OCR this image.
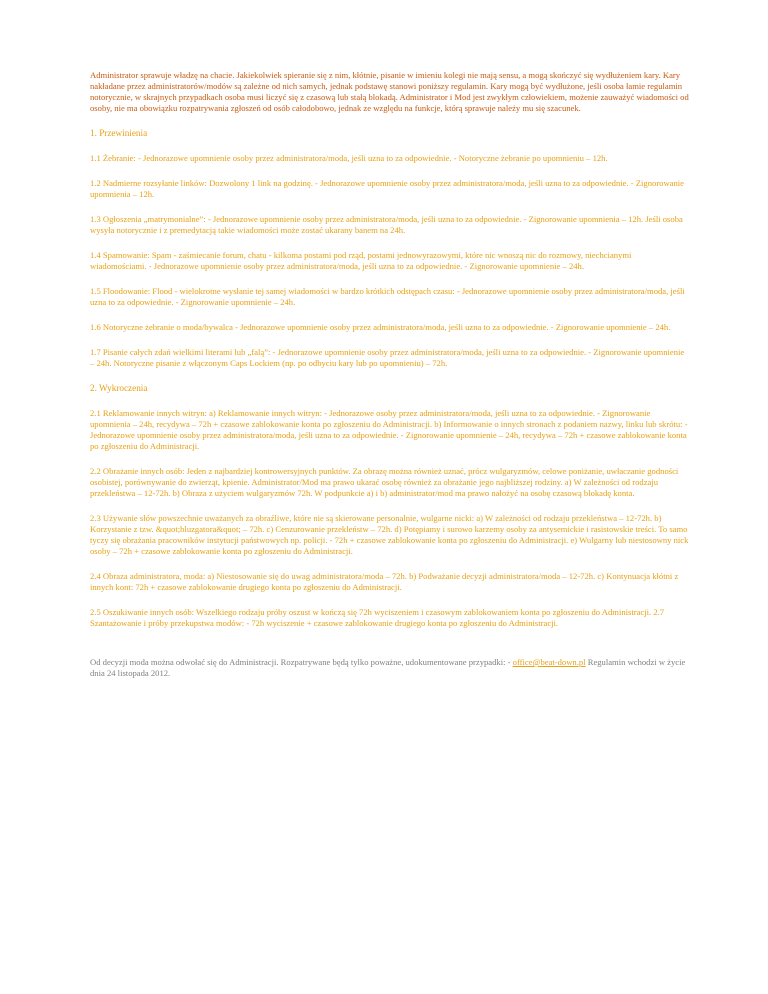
Administrator sprawuje władzę na chacie. Jakiekolwiek spieranie się z nim, kłótnie, pisanie w imieniu kolegi nie mają sensu, a mogą skończyć się wydłużeniem kary. Kary nakładane przez administratorów/modów są zależne od nich samych, jednak podstawę stanowi poniższy regulamin. Kary mogą być wydłużone, jeśli osoba łamie regulamin notorycznie, w skrajnych przypadkach osoba musi liczyć się z czasową lub stałą blokadą. Administrator i Mod jest zwykłym człowiekiem, możenie zauważyć wiadomości od osoby, nie ma obowiązku rozpatrywania zgłoszeń od osób całodobowo, jednak ze względu na funkcje, którą sprawuje należy mu się szacunek.

1. Przewinienia

1.1 Żebranie: - Jednorazowe upomnienie osoby przez administratora/moda, jeśli uzna to za odpowiednie. - Notoryczne żebranie po upomnieniu – 12h.

1.2 Nadmierne rozsyłanie linków: Dozwolony 1 link na godzinę. - Jednorazowe upomnienie osoby przez administratora/moda, jeśli uzna to za odpowiednie. - Zignorowanie upomnienia – 12h.

1.3 Ogłoszenia „matrymonialne”: - Jednorazowe upomnienie osoby przez administratora/moda, jeśli uzna to za odpowiednie. - Zignorowanie upomnienia – 12h. Jeśli osoba wysyła notorycznie i z premedytacją takie wiadomości może zostać ukarany banem na 24h.

1.4 Spamowanie: Spam - zaśmiecanie forum, chatu - kilkoma postami pod rząd, postami jednowyrazowymi, które nic wnoszą nic do rozmowy, niechcianymi wiadomościami. - Jednorazowe upomnienie osoby przez administratora/moda, jeśli uzna to za odpowiednie. - Zignorowanie upomnienie – 24h.

1.5 Floodowanie: Flood - wielokrotne wysłanie tej samej wiadomości w bardzo krótkich odstępach czasu: - Jednorazowe upomnienie osoby przez administratora/moda, jeśli uzna to za odpowiednie. - Zignorowanie upomnienie – 24h.

1.6 Notoryczne żebranie o moda/bywalca - Jednorazowe upomnienie osoby przez administratora/moda, jeśli uzna to za odpowiednie. - Zignorowanie upomnienie – 24h.

1.7 Pisanie całych zdań wielkimi literami lub „falą”: - Jednorazowe upomnienie osoby przez administratora/moda, jeśli uzna to za odpowiednie. - Zignorowanie upomnienie – 24h. Notoryczne pisanie z włączonym Caps Lockiem (np. po odbyciu kary lub po upomnieniu) – 72h.

2. Wykroczenia

2.1 Reklamowanie innych witryn: a) Reklamowanie innych witryn: - Jednorazowe osoby przez administratora/moda, jeśli uzna to za odpowiednie. - Zignorowanie upomnienia – 24h, recydywa – 72h + czasowe zablokowanie konta po zgłoszeniu do Administracji. b) Informowanie o innych stronach z podaniem nazwy, linku lub skrótu: - Jednorazowe upomnienie osoby przez administratora/moda, jeśli uzna to za odpowiednie. - Zignorowanie upomnienie – 24h, recydywa – 72h + czasowe zablokowanie konta po zgłoszeniu do Administracji.

2.2 Obrażanie innych osób: Jeden z najbardziej kontrowersyjnych punktów. Za obrazę można również uznać, prócz wulgaryzmów, celowe poniżanie, uwłaczanie godności osobistej, porównywanie do zwierząt, kpienie. Administrator/Mod ma prawo ukarać osobę również za obrażanie jego najbliższej rodziny. a) W zależności od rodzaju przekleństwa – 12-72h. b) Obraza z użyciem wulgaryzmów 72h. W podpunkcie a) i b) administrator/mod ma prawo nałożyć na osobę czasową blokadę konta.

2.3 Używanie słów powszechnie uważanych za obraźliwe, które nie są skierowane personalnie, wulgarne nicki: a) W zależności od rodzaju przekleństwa – 12-72h. b) Korzystanie z tzw. &quot;bluzgatora&quot; – 72h. c) Cenzurowanie przekleństw – 72h. d) Potępiamy i surowo karzemy osoby za antysemickie i rasistowskie treści. To samo tyczy się obrażania pracowników instytucji państwowych np. policji. - 72h + czasowe zablokowanie konta po zgłoszeniu do Administracji. e) Wulgarny lub niestosowny nick osoby – 72h + czasowe zablokowanie konta po zgłoszeniu do Administracji.

2.4 Obraza administratora, moda: a) Niestosowanie się do uwag administratora/moda – 72h. b) Podważanie decyzji administratora/moda – 12-72h. c) Kontynuacja kłótni z innych kont: 72h + czasowe zablokowanie drugiego konta po zgłoszeniu do Administracji.

2.5 Oszukiwanie innych osób: Wszelkiego rodzaju próby oszust w kończą się 72h wyciszeniem i czasowym zablokowaniem konta po zgłoszeniu do Administracji. 2.7 Szantażowanie i próby przekupstwa modów: - 72h wyciszenie + czasowe zablokowanie drugiego konta po zgłoszeniu do Administracji.

Od decyzji moda można odwołać się do Administracji. Rozpatrywane będą tylko poważne, udokumentowane przypadki: - office@beat-down.pl Regulamin wchodzi w życie dnia 24 listopada 2012.
